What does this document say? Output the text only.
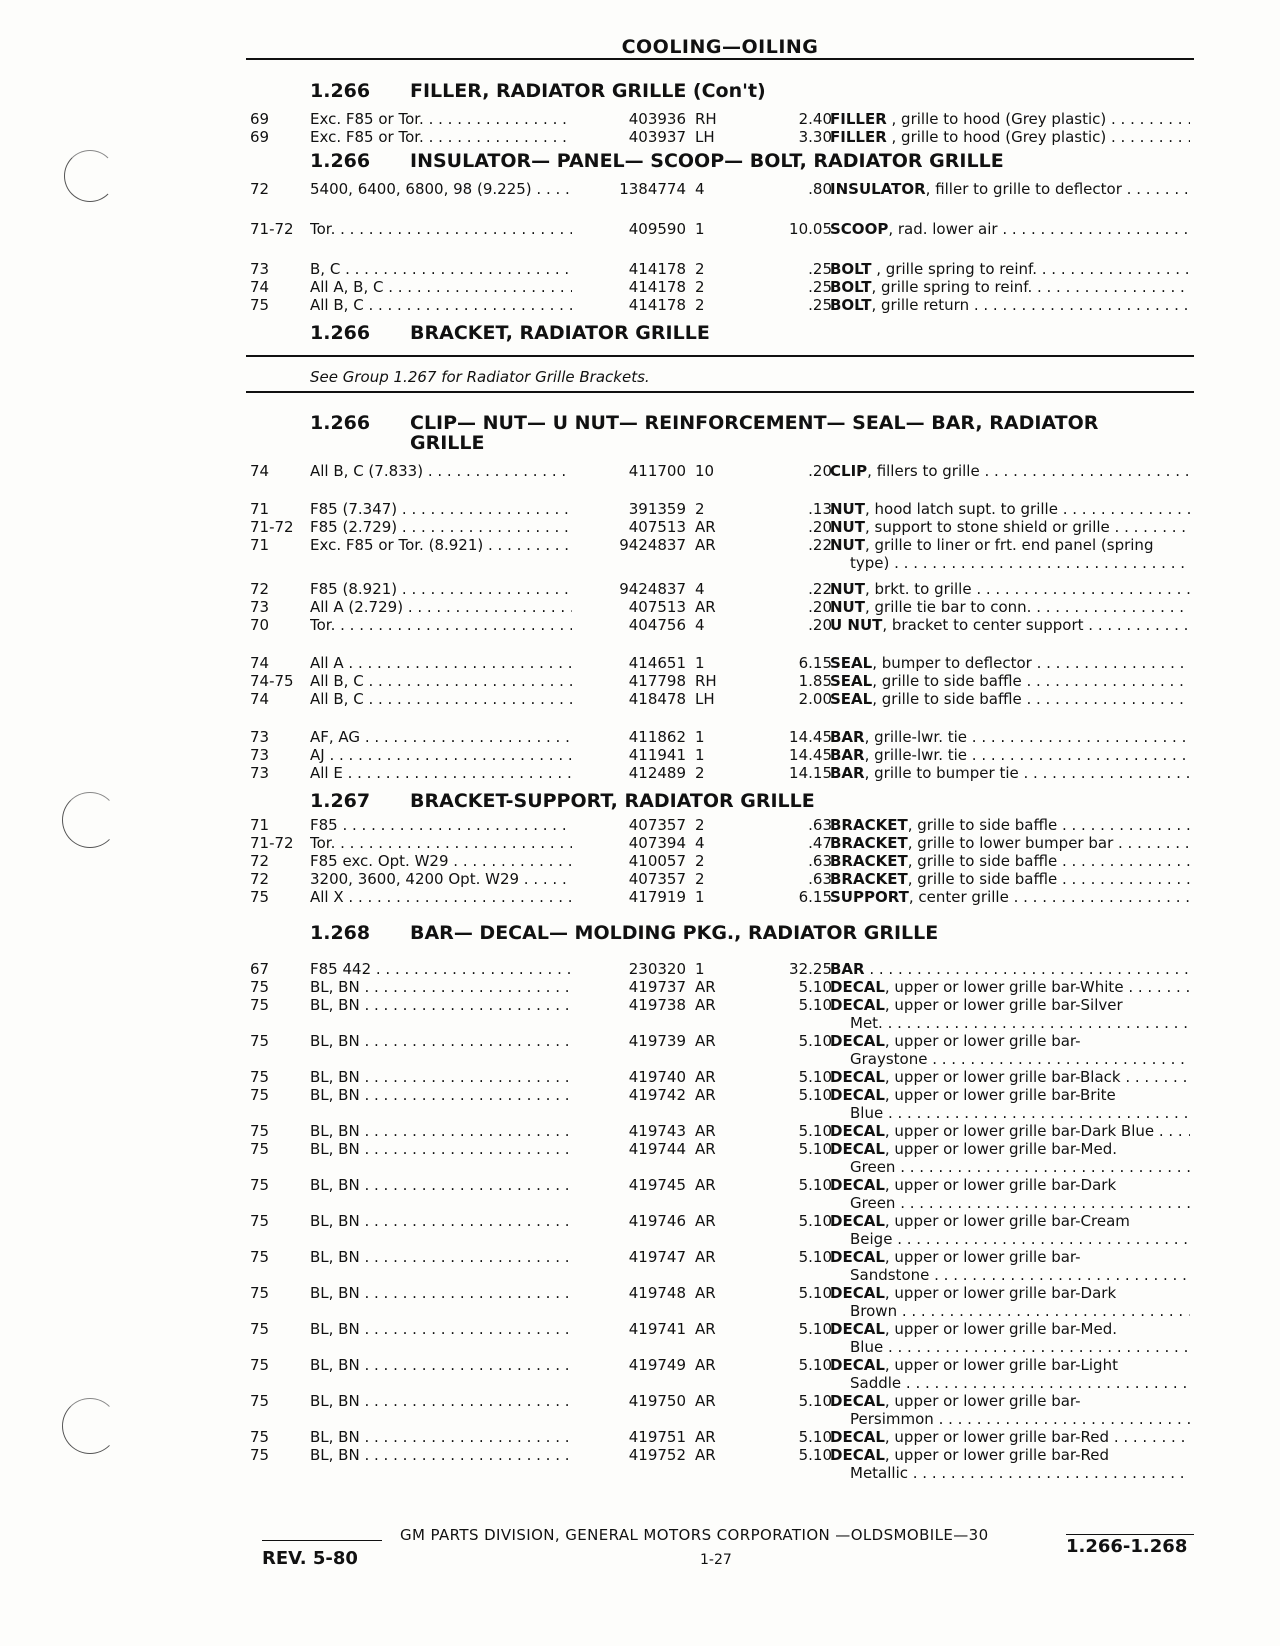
COOLING—OILING
1.266 FILLER, RADIATOR GRILLE (Con't)
69	Exc. F85 or Tor. . . .	403936 RH	2.40
FILLER , grille to hood (Grey plastic) . . .
69	Exc. F85 or Tor. . . .	403937 LH	3.30
FILLER , grille to hood (Grey plastic) . . .
1.266 INSULATOR— PANEL— SCOOP— BOLT, RADIATOR GRILLE
72	5400, 6400, 6800, 98 (9.225) . . .	1384774 4	.80
INSULATOR, filler to grille to deflector . . .
71-72 Tor. . . .	409590 1	10.05
SCOOP, rad. lower air . . .
73	B, C . . .	414178 2	.25
BOLT , grille spring to reinf. . . .
74	All A, B, C . . .	414178 2	.25
BOLT, grille spring to reinf. . . .
75	All B, C . . .	414178 2	.25
BOLT, grille return . . .
1.266 BRACKET, RADIATOR GRILLE
1.266 CLIP— NUT— U NUT— REINFORCEMENT— SEAL— BAR, RADIATOR
GRILLE
74	All B, C (7.833) . . .	411700 10	.20
CLIP, fillers to grille . . .
71	F85 (7.347) . . .	391359 2	.13
NUT, hood latch supt. to grille . . .
71-72 F85 (2.729) . . .	407513 AR	.20
NUT, support to stone shield or grille . . .
71	Exc. F85 or Tor. (8.921) . . .	9424837 AR	.22
NUT, grille to liner or frt. end panel (spring
type) . . .
72	F85 (8.921) . . .	9424837 4	.22
NUT, brkt. to grille . . .
73	All A (2.729) . . .	407513 AR	.20
NUT, grille tie bar to conn. . . .
70	Tor. . . .	404756 4	.20
U NUT, bracket to center support . . .
74	All A . . .	414651 1	6.15
SEAL, bumper to deflector . . .
74-75 All B, C . . .	417798 RH	1.85
SEAL, grille to side baffle . . .
74	All B, C . . .	418478 LH	2.00
SEAL, grille to side baffle . . .
73	AF, AG . . .	411862 1	14.45
BAR, grille-lwr. tie . . .
73	AJ . . .	411941 1	14.45
BAR, grille-lwr. tie . . .
73	All E . . .	412489 2	14.15
BAR, grille to bumper tie . . .
1.267 BRACKET-SUPPORT, RADIATOR GRILLE
71	F85 . . .	407357 2	.63
BRACKET, grille to side baffle . . .
71-72 Tor. . . .	407394 4	.47
BRACKET, grille to lower bumper bar . . .
72	F85 exc. Opt. W29 . . .	410057 2	.63
BRACKET, grille to side baffle . . .
72	3200, 3600, 4200 Opt. W29 . . .	407357 2	.63
BRACKET, grille to side baffle . . .
75	All X . . .	417919 1	6.15
SUPPORT, center grille . . .
1.268 BAR— DECAL— MOLDING PKG., RADIATOR GRILLE
67	F85 442 . . .	230320 1	32.25
BAR . . .
75	BL, BN . . .	419737 AR	5.10
DECAL, upper or lower grille bar-White . . .
75	BL, BN . . .	419738 AR	5.10
DECAL, upper or lower grille bar-Silver
Met. . . .
75	BL, BN . . .	419739 AR	5.10
DECAL, upper or lower grille bar-
Graystone . . .
75	BL, BN . . .	419740 AR	5.10
DECAL, upper or lower grille bar-Black . . .
75	BL, BN . . .	419742 AR	5.10
DECAL, upper or lower grille bar-Brite
Blue . . .
75	BL, BN . . .	419743 AR	5.10
DECAL, upper or lower grille bar-Dark Blue . . .
75	BL, BN . . .	419744 AR	5.10
DECAL, upper or lower grille bar-Med.
Green . . .
75	BL, BN . . .	419745 AR	5.10
DECAL, upper or lower grille bar-Dark
Green . . .
75	BL, BN . . .	419746 AR	5.10
DECAL, upper or lower grille bar-Cream
Beige . . .
75	BL, BN . . .	419747 AR	5.10
DECAL, upper or lower grille bar-
Sandstone . . .
75	BL, BN . . .	419748 AR	5.10
DECAL, upper or lower grille bar-Dark
Brown . . .
75	BL, BN . . .	419741 AR	5.10
DECAL, upper or lower grille bar-Med.
Blue . . .
75	BL, BN . . .	419749 AR	5.10
DECAL, upper or lower grille bar-Light
Saddle . . .
75	BL, BN . . .	419750 AR	5.10
DECAL, upper or lower grille bar-
Persimmon . . .
75	BL, BN . . .	419751 AR	5.10
DECAL, upper or lower grille bar-Red . . .
75	BL, BN . . .	419752 AR	5.10
DECAL, upper or lower grille bar-Red
Metallic . . .
See Group 1.267 for Radiator Grille Brackets.
GM PARTS DIVISION, GENERAL MOTORS CORPORATION —OLDSMOBILE—30
REV. 5-80	1-27
1.266-1.268
